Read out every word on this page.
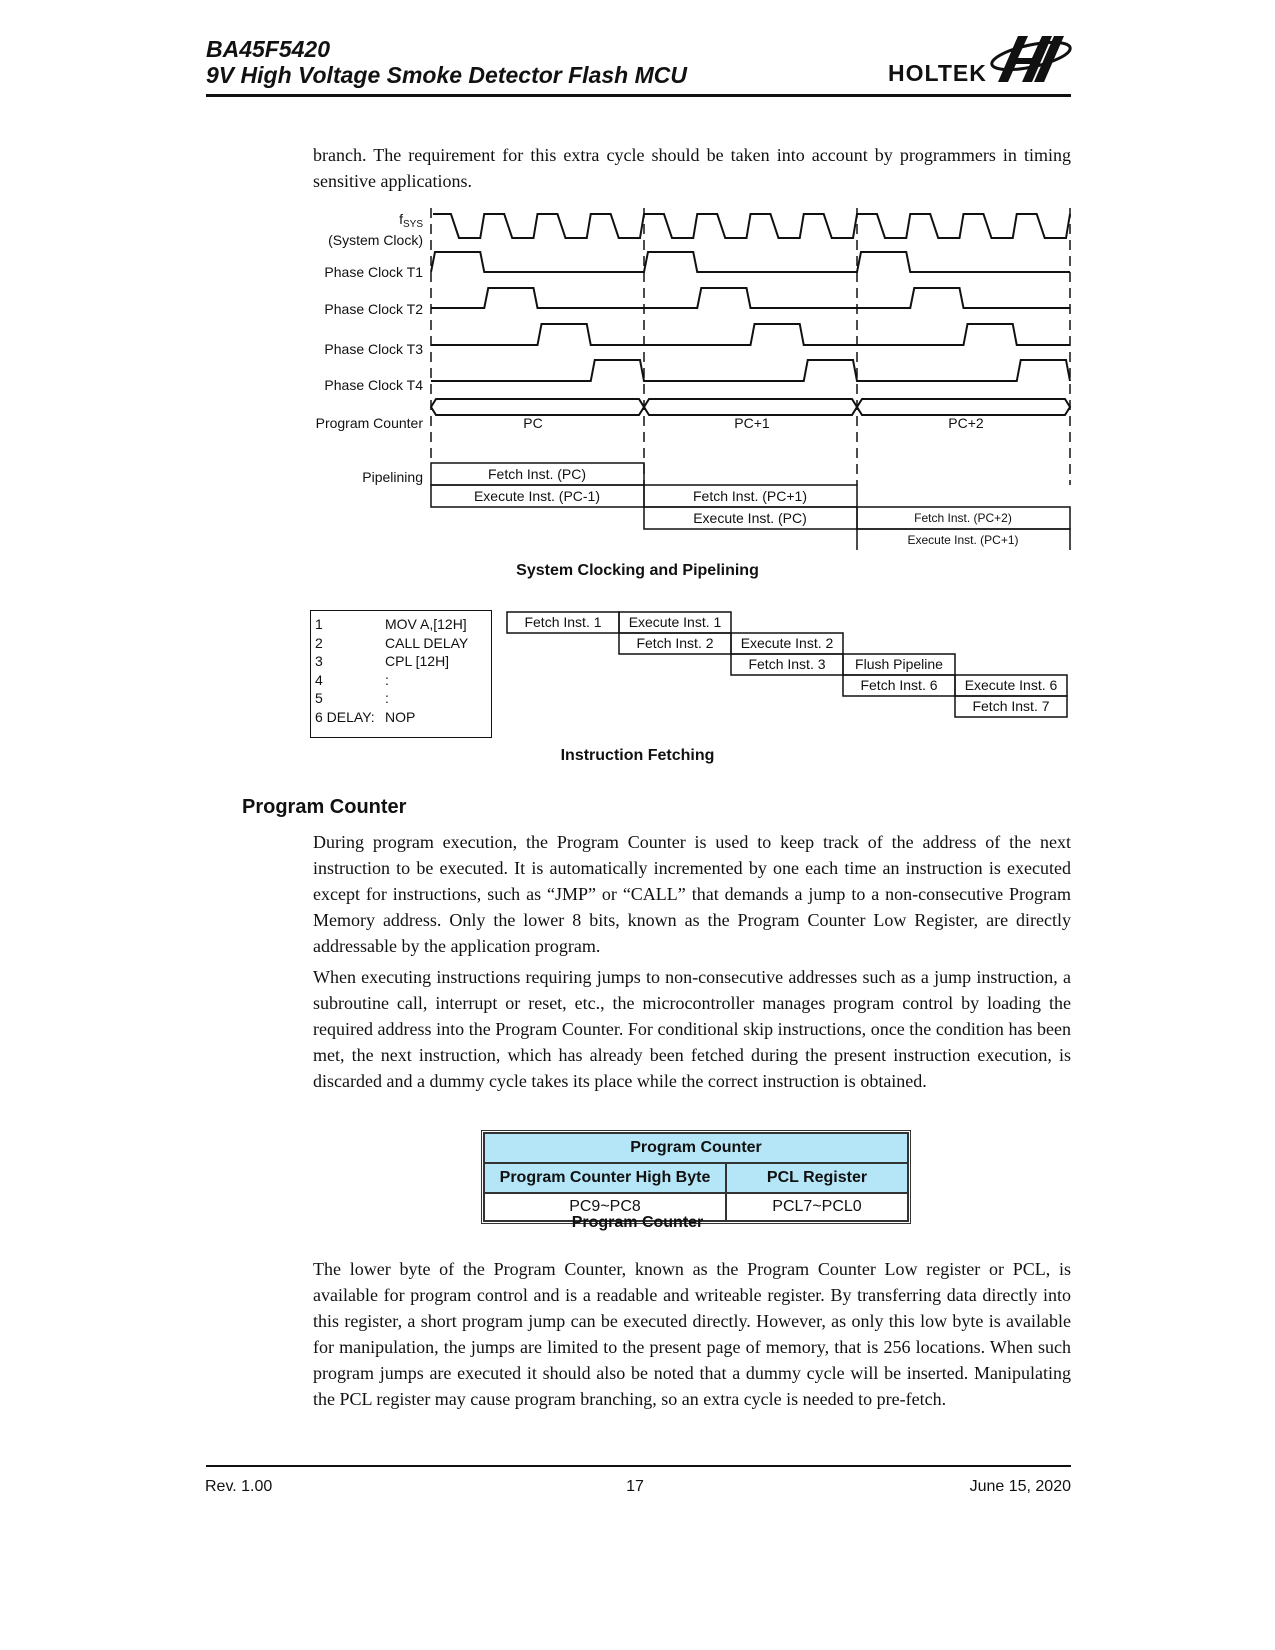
BA45F5420
9V High Voltage Smoke Detector Flash MCU	HOLTEK
branch. The requirement for this extra cycle should be taken into account by programmers in timing sensitive applications.
$f_{SYS}$
(System Clock)
Phase Clock T1
Phase Clock T2
Phase Clock T3
Phase Clock T4
Program Counter
Pipelining	Fetch Inst. (PC)
Execute Inst. (PC-1)	Fetch Inst. (PC+1)
Execute Inst. (PC)	Fetch Inst. (PC+2)
Execute Inst. (PC+1)
PC	PC+1	PC+2
System Clocking and Pipelining
1	MOV A,[12H]
2	CALL DELAY
3	CPL [12H]
4	:
5	:
6 DELAY: NOP
Fetch Inst. 1 Execute Inst. 1
Fetch Inst. 2 Execute Inst. 2
Fetch Inst. 3 Flush Pipeline
Fetch Inst. 6 Execute Inst. 6
Fetch Inst. 7
Instruction Fetching
Program Counter
During program execution, the Program Counter is used to keep track of the address of the next instruction to be executed. It is automatically incremented by one each time an instruction is executed except for instructions, such as “JMP” or “CALL” that demands a jump to a non-consecutive Program Memory address. Only the lower 8 bits, known as the Program Counter Low Register, are directly addressable by the application program.
When executing instructions requiring jumps to non-consecutive addresses such as a jump instruction, a subroutine call, interrupt or reset, etc., the microcontroller manages program control by loading the required address into the Program Counter. For conditional skip instructions, once the condition has been met, the next instruction, which has already been fetched during the present instruction execution, is discarded and a dummy cycle takes its place while the correct instruction is obtained.
Program Counter	
Program Counter High Byte	PCL Register
PC9~PC8	PCL7~PCL0
Program Counter
The lower byte of the Program Counter, known as the Program Counter Low register or PCL, is available for program control and is a readable and writeable register. By transferring data directly into this register, a short program jump can be executed directly. However, as only this low byte is available for manipulation, the jumps are limited to the present page of memory, that is 256 locations. When such program jumps are executed it should also be noted that a dummy cycle will be inserted. Manipulating the PCL register may cause program branching, so an extra cycle is needed to pre-fetch.
Rev. 1.00	17	June 15, 2020
